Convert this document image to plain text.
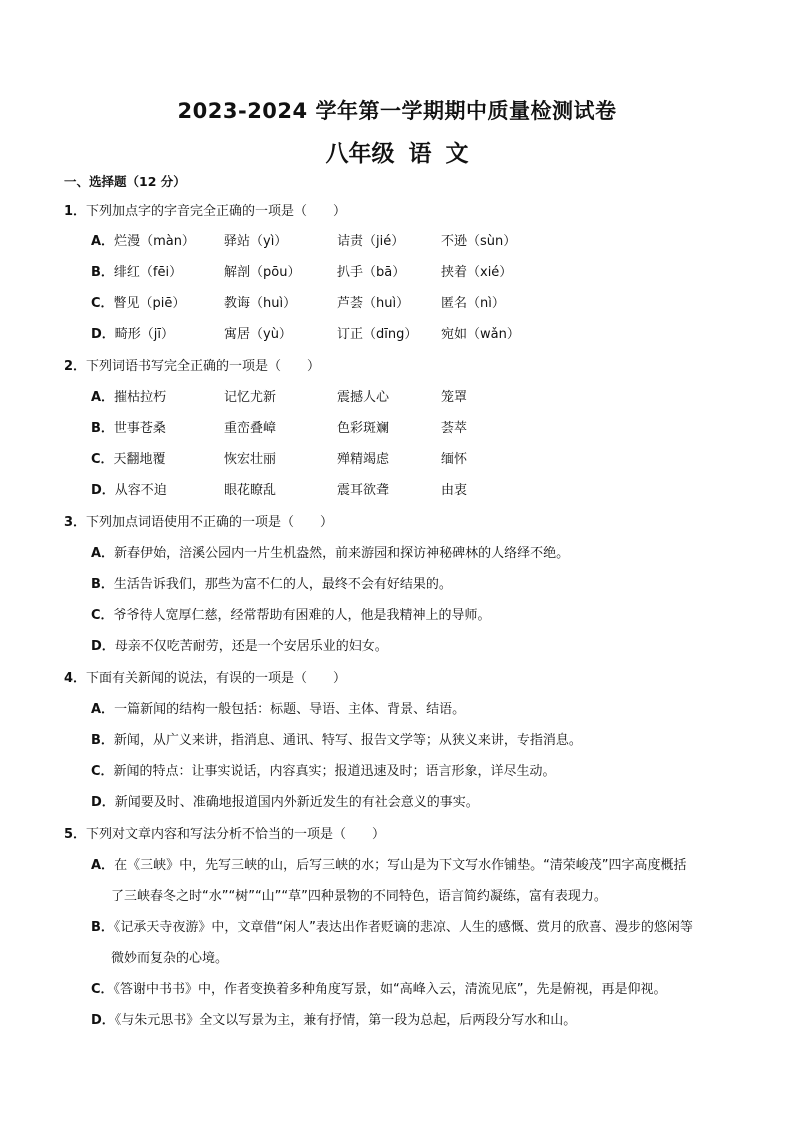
2023-2024 学年第一学期期中质量检测试卷
八年级 语 文
一、选择题（12 分）
1．下列加点字的字音完全正确的一项是（　　）
A．烂漫（màn） 驿站（yì）	诘责（jié）	不逊（sùn）
B．绯红（fēi）	解剖（pōu）	扒手（bā）	挟着（xié）
C．瞥见（piē）	教诲（huì）	芦荟（huì） 匿名（nì）
D．畸形（jī）	寓居（yù）	订正（dīng） 宛如（wǎn）
2．下列词语书写完全正确的一项是（　　）
A．摧枯拉朽	记忆尤新	震撼人心	笼罩
B．世事苍桑	重峦叠嶂	色彩斑斓	荟萃
C．天翻地覆	恢宏壮丽	殚精竭虑	缅怀
D．从容不迫	眼花瞭乱	震耳欲聋	由衷
3．下列加点词语使用不正确的一项是（　　）
A．新春伊始，涪溪公园内一片生机盎然，前来游园和探访神秘碑林的人络绎不绝。
B．生活告诉我们，那些为富不仁的人，最终不会有好结果的。
C．爷爷待人宽厚仁慈，经常帮助有困难的人，他是我精神上的导师。
D．母亲不仅吃苦耐劳，还是一个安居乐业的妇女。
4．下面有关新闻的说法，有误的一项是（　　）
A．一篇新闻的结构一般包括：标题、导语、主体、背景、结语。
B．新闻，从广义来讲，指消息、通讯、特写、报告文学等；从狭义来讲，专指消息。
C．新闻的特点：让事实说话，内容真实；报道迅速及时；语言形象，详尽生动。
D．新闻要及时、准确地报道国内外新近发生的有社会意义的事实。
5．下列对文章内容和写法分析不恰当的一项是（　　）
A．在《三峡》中，先写三峡的山，后写三峡的水；写山是为下文写水作铺垫。“清荣峻茂”四字高度概括
了三峡春冬之时“水”“树”“山”“草”四种景物的不同特色，语言简约凝练，富有表现力。
B．《记承天寺夜游》中，文章借“闲人”表达出作者贬谪的悲凉、人生的感慨、赏月的欣喜、漫步的悠闲等
微妙而复杂的心境。
C．《答谢中书书》中，作者变换着多种角度写景，如“高峰入云，清流见底”，先是俯视，再是仰视。
D．《与朱元思书》全文以写景为主，兼有抒情，第一段为总起，后两段分写水和山。
